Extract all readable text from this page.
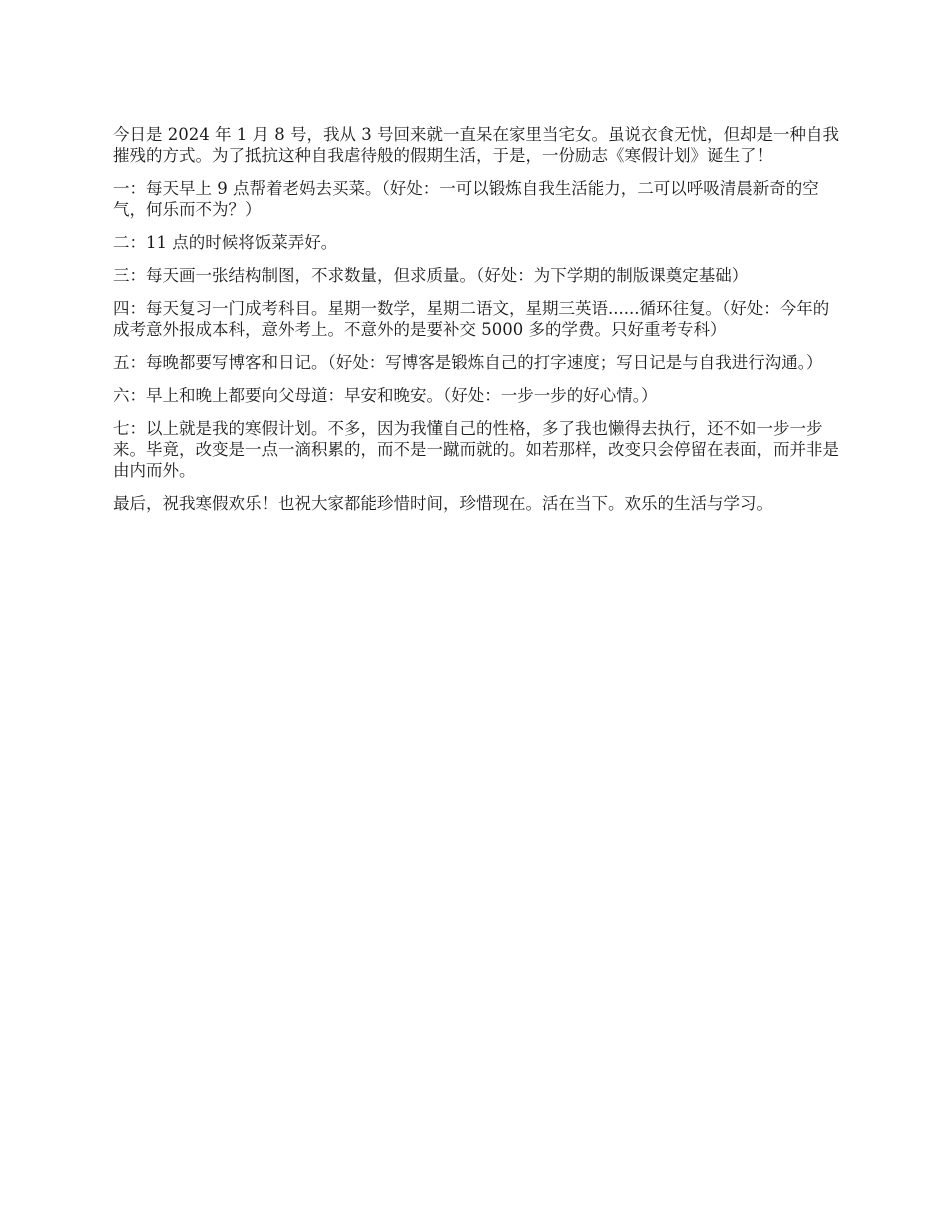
今日是 2024 年 1 月 8 号，我从 3 号回来就一直呆在家里当宅女。虽说衣食无忧，但却是一种自我摧残的方式。为了抵抗这种自我虐待般的假期生活，于是，一份励志《寒假计划》诞生了！

一：每天早上 9 点帮着老妈去买菜。（好处：一可以锻炼自我生活能力，二可以呼吸清晨新奇的空气，何乐而不为？）

二：11 点的时候将饭菜弄好。

三：每天画一张结构制图，不求数量，但求质量。（好处：为下学期的制版课奠定基础）

四：每天复习一门成考科目。星期一数学，星期二语文，星期三英语......循环往复。（好处：今年的成考意外报成本科，意外考上。不意外的是要补交 5000 多的学费。只好重考专科）

五：每晚都要写博客和日记。（好处：写博客是锻炼自己的打字速度；写日记是与自我进行沟通。）

六：早上和晚上都要向父母道：早安和晚安。（好处：一步一步的好心情。）

七：以上就是我的寒假计划。不多，因为我懂自己的性格，多了我也懒得去执行，还不如一步一步来。毕竟，改变是一点一滴积累的，而不是一蹴而就的。如若那样，改变只会停留在表面，而并非是由内而外。

最后，祝我寒假欢乐！也祝大家都能珍惜时间，珍惜现在。活在当下。欢乐的生活与学习。
